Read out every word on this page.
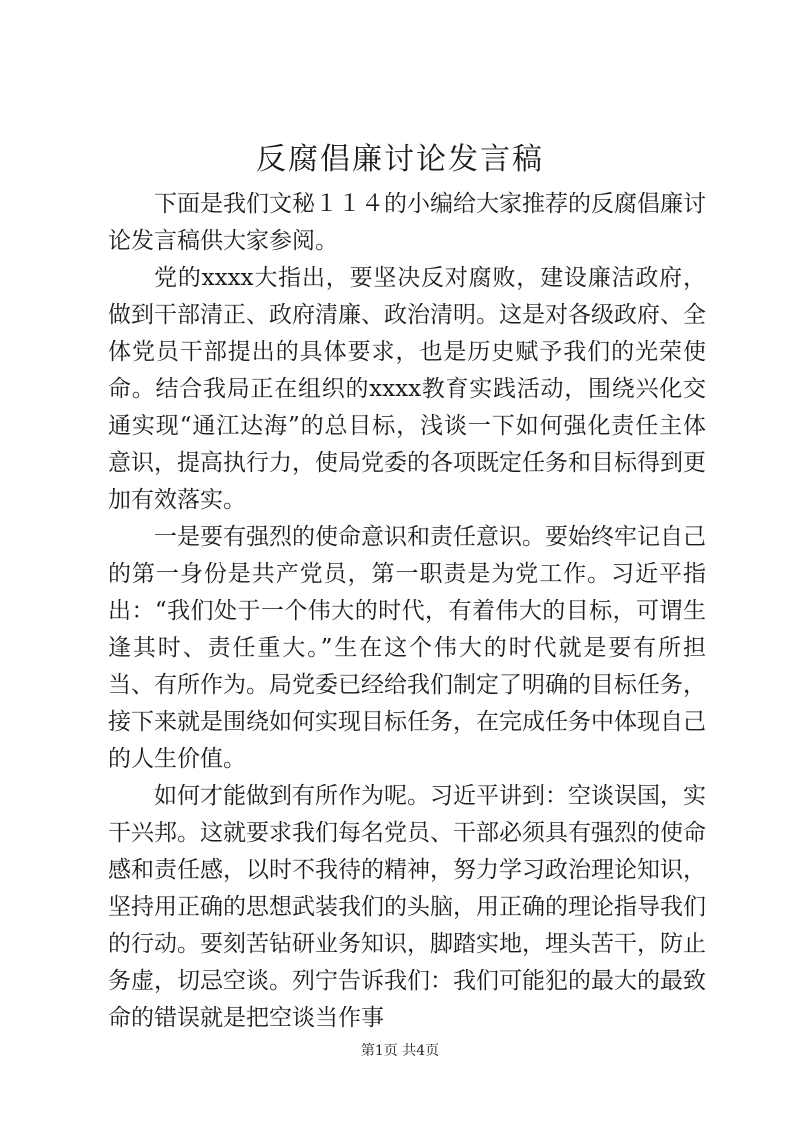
反腐倡廉讨论发言稿

下面是我们文秘１１４的小编给大家推荐的反腐倡廉讨论发言稿供大家参阅。

党的xxxx大指出，要坚决反对腐败，建设廉洁政府，做到干部清正、政府清廉、政治清明。这是对各级政府、全体党员干部提出的具体要求，也是历史赋予我们的光荣使命。结合我局正在组织的xxxx教育实践活动，围绕兴化交通实现“通江达海”的总目标，浅谈一下如何强化责任主体意识，提高执行力，使局党委的各项既定任务和目标得到更加有效落实。

一是要有强烈的使命意识和责任意识。要始终牢记自己的第一身份是共产党员，第一职责是为党工作。习近平指出：“我们处于一个伟大的时代，有着伟大的目标，可谓生逢其时、责任重大。”生在这个伟大的时代就是要有所担当、有所作为。局党委已经给我们制定了明确的目标任务，接下来就是围绕如何实现目标任务，在完成任务中体现自己的人生价值。

如何才能做到有所作为呢。习近平讲到：空谈误国，实干兴邦。这就要求我们每名党员、干部必须具有强烈的使命感和责任感，以时不我待的精神，努力学习政治理论知识，坚持用正确的思想武装我们的头脑，用正确的理论指导我们的行动。要刻苦钻研业务知识，脚踏实地，埋头苦干，防止务虚，切忌空谈。列宁告诉我们：我们可能犯的最大的最致命的错误就是把空谈当作事

第1页 共4页
